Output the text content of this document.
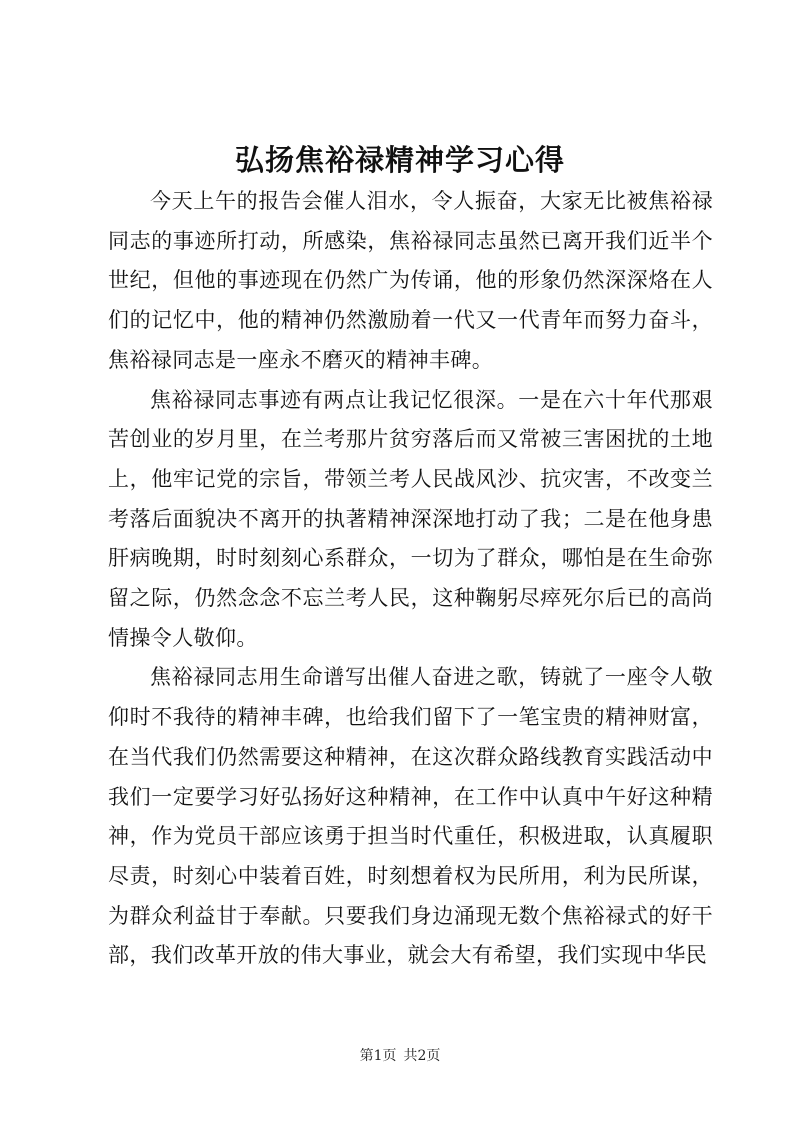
弘扬焦裕禄精神学习心得

今天上午的报告会催人泪水，令人振奋，大家无比被焦裕禄同志的事迹所打动，所感染，焦裕禄同志虽然已离开我们近半个世纪，但他的事迹现在仍然广为传诵，他的形象仍然深深烙在人们的记忆中，他的精神仍然激励着一代又一代青年而努力奋斗，焦裕禄同志是一座永不磨灭的精神丰碑。

焦裕禄同志事迹有两点让我记忆很深。一是在六十年代那艰苦创业的岁月里，在兰考那片贫穷落后而又常被三害困扰的土地上，他牢记党的宗旨，带领兰考人民战风沙、抗灾害，不改变兰考落后面貌决不离开的执著精神深深地打动了我；二是在他身患肝病晚期，时时刻刻心系群众，一切为了群众，哪怕是在生命弥留之际，仍然念念不忘兰考人民，这种鞠躬尽瘁死尔后已的高尚情操令人敬仰。

焦裕禄同志用生命谱写出催人奋进之歌，铸就了一座令人敬仰时不我待的精神丰碑，也给我们留下了一笔宝贵的精神财富，在当代我们仍然需要这种精神，在这次群众路线教育实践活动中我们一定要学习好弘扬好这种精神，在工作中认真中午好这种精神，作为党员干部应该勇于担当时代重任，积极进取，认真履职尽责，时刻心中装着百姓，时刻想着权为民所用，利为民所谋，为群众利益甘于奉献。只要我们身边涌现无数个焦裕禄式的好干部，我们改革开放的伟大事业，就会大有希望，我们实现中华民

第1页 共2页
